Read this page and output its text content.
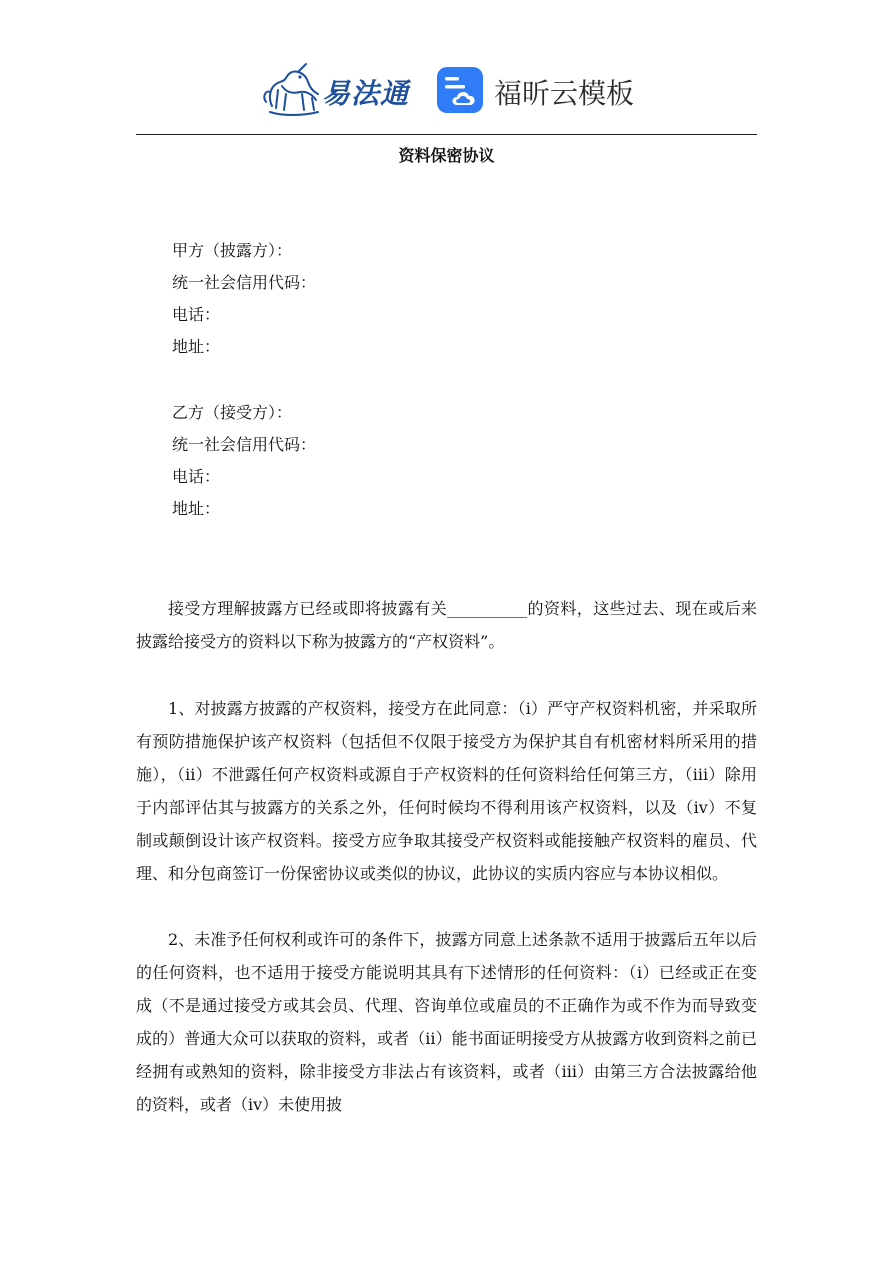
易法通	福昕云模板
资料保密协议
甲方（披露方）：
统一社会信用代码：
电话：
地址：
乙方（接受方）：
统一社会信用代码：
电话：
地址：

接受方理解披露方已经或即将披露有关__________的资料，这些过去、现在或后来披露给接受方的资料以下称为披露方的“产权资料”。

1、对披露方披露的产权资料，接受方在此同意：（i）严守产权资料机密，并采取所有预防措施保护该产权资料（包括但不仅限于接受方为保护其自有机密材料所采用的措施），（ii）不泄露任何产权资料或源自于产权资料的任何资料给任何第三方，（iii）除用于内部评估其与披露方的关系之外，任何时候均不得利用该产权资料，以及（iv）不复制或颠倒设计该产权资料。接受方应争取其接受产权资料或能接触产权资料的雇员、代理、和分包商签订一份保密协议或类似的协议，此协议的实质内容应与本协议相似。

2、未准予任何权利或许可的条件下，披露方同意上述条款不适用于披露后五年以后的任何资料，也不适用于接受方能说明其具有下述情形的任何资料：（i）已经或正在变成（不是通过接受方或其会员、代理、咨询单位或雇员的不正确作为或不作为而导致变成的）普通大众可以获取的资料，或者（ii）能书面证明接受方从披露方收到资料之前已经拥有或熟知的资料，除非接受方非法占有该资料，或者（iii）由第三方合法披露给他的资料，或者（iv）未使用披
